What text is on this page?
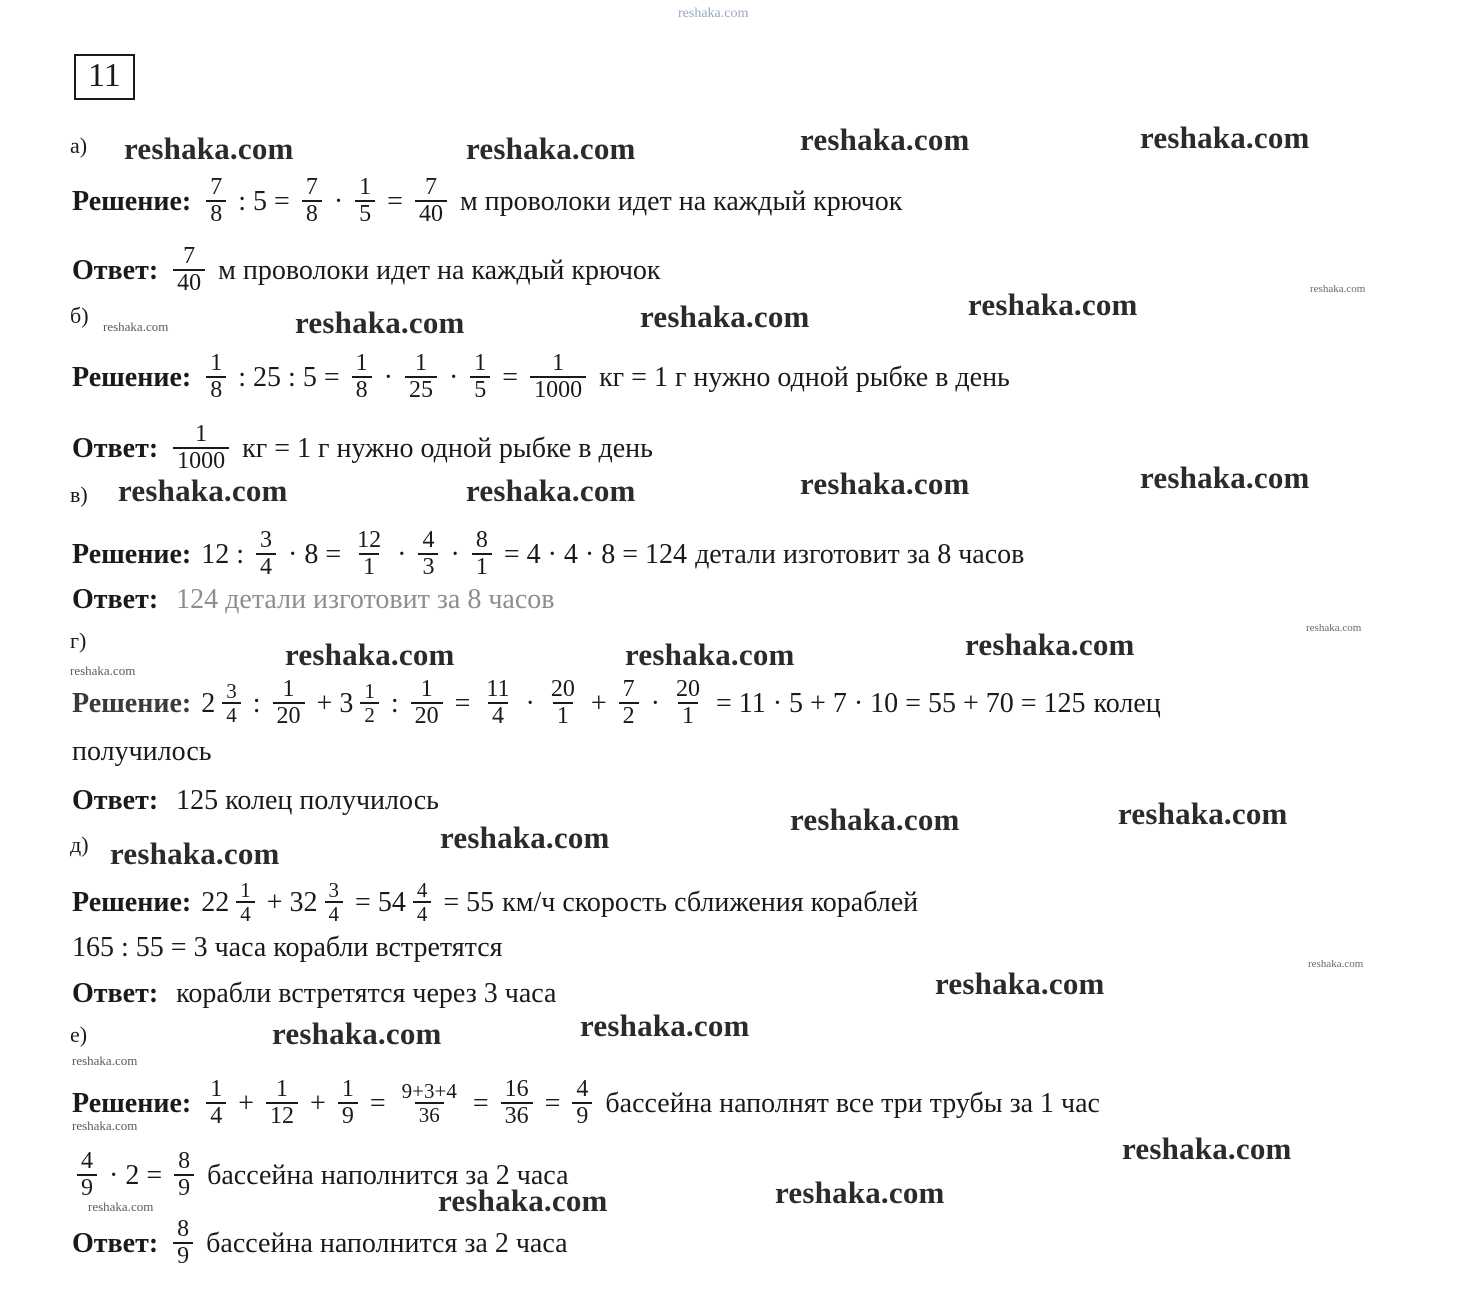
reshaka.com
reshaka.com	reshaka.com	reshaka.com	reshaka.com
reshaka.com	reshaka.com	reshaka.com	reshaka.com	reshaka.com
reshaka.com	reshaka.com	reshaka.com	reshaka.com
reshaka.com
reshaka.com	reshaka.com	reshaka.com
reshaka.com
reshaka.com	reshaka.com
reshaka.com
reshaka.com
reshaka.com
reshaka.com
reshaka.com	reshaka.com
reshaka.com
reshaka.com
reshaka.com
reshaka.com
reshaka.com
reshaka.com
11
а)
Решение: $\frac{7}{8}$ : $5 = \frac{7}{8} \cdot \frac{1}{5} = \frac{7}{40}$ м проволоки идет на каждый крючок
Ответ: $\frac{7}{40}$ м проволоки идет на каждый крючок
б)
Решение: $\frac{1}{8}$ : 25 : $5 = \frac{1}{8} \cdot \frac{1}{25} \cdot \frac{1}{5} = \frac{1}{1000}$ кг = 1 г нужно одной рыбке в день
Ответ: $\frac{1}{1000}$ кг = 1 г нужно одной рыбке в день
в)
Решение: 12 : $\frac{3}{4} \cdot 8 = \frac{12}{1} \cdot \frac{4}{3} \cdot \frac{8}{1} = 4 \cdot 4 \cdot 8 = 124$ детали изготовит за 8 часов
Ответ: 124 детали изготовит за 8 часов
г)
Решение: $2 \frac{3}{4}$ : $\frac{1}{20} + 3 \frac{1}{2}$ : $\frac{1}{20} = \frac{11}{4} \cdot \frac{20}{1} + \frac{7}{2} \cdot \frac{20}{1} = 11 \cdot 5 + 7 \cdot 10 = 55 + 70 = 125$ колец
получилось
Ответ: 125 колец получилось
д)
Решение: $22 \frac{1}{4} + 32 \frac{3}{4} = 54 \frac{4}{4} = 55$ км/ч скорость сближения кораблей
165 : 55 = 3 часа корабли встретятся
Ответ: корабли встретятся через 3 часа
е)
Решение: $\frac{1}{4} + \frac{1}{12} + \frac{1}{9} = \frac{9+3+4}{36} = \frac{16}{36} = \frac{4}{9}$ бассейна наполнят все три трубы за 1 час
$\frac{4}{9} \cdot 2 = \frac{8}{9}$ бассейна наполнится за 2 часа
Ответ: $\frac{8}{9}$ бассейна наполнится за 2 часа
